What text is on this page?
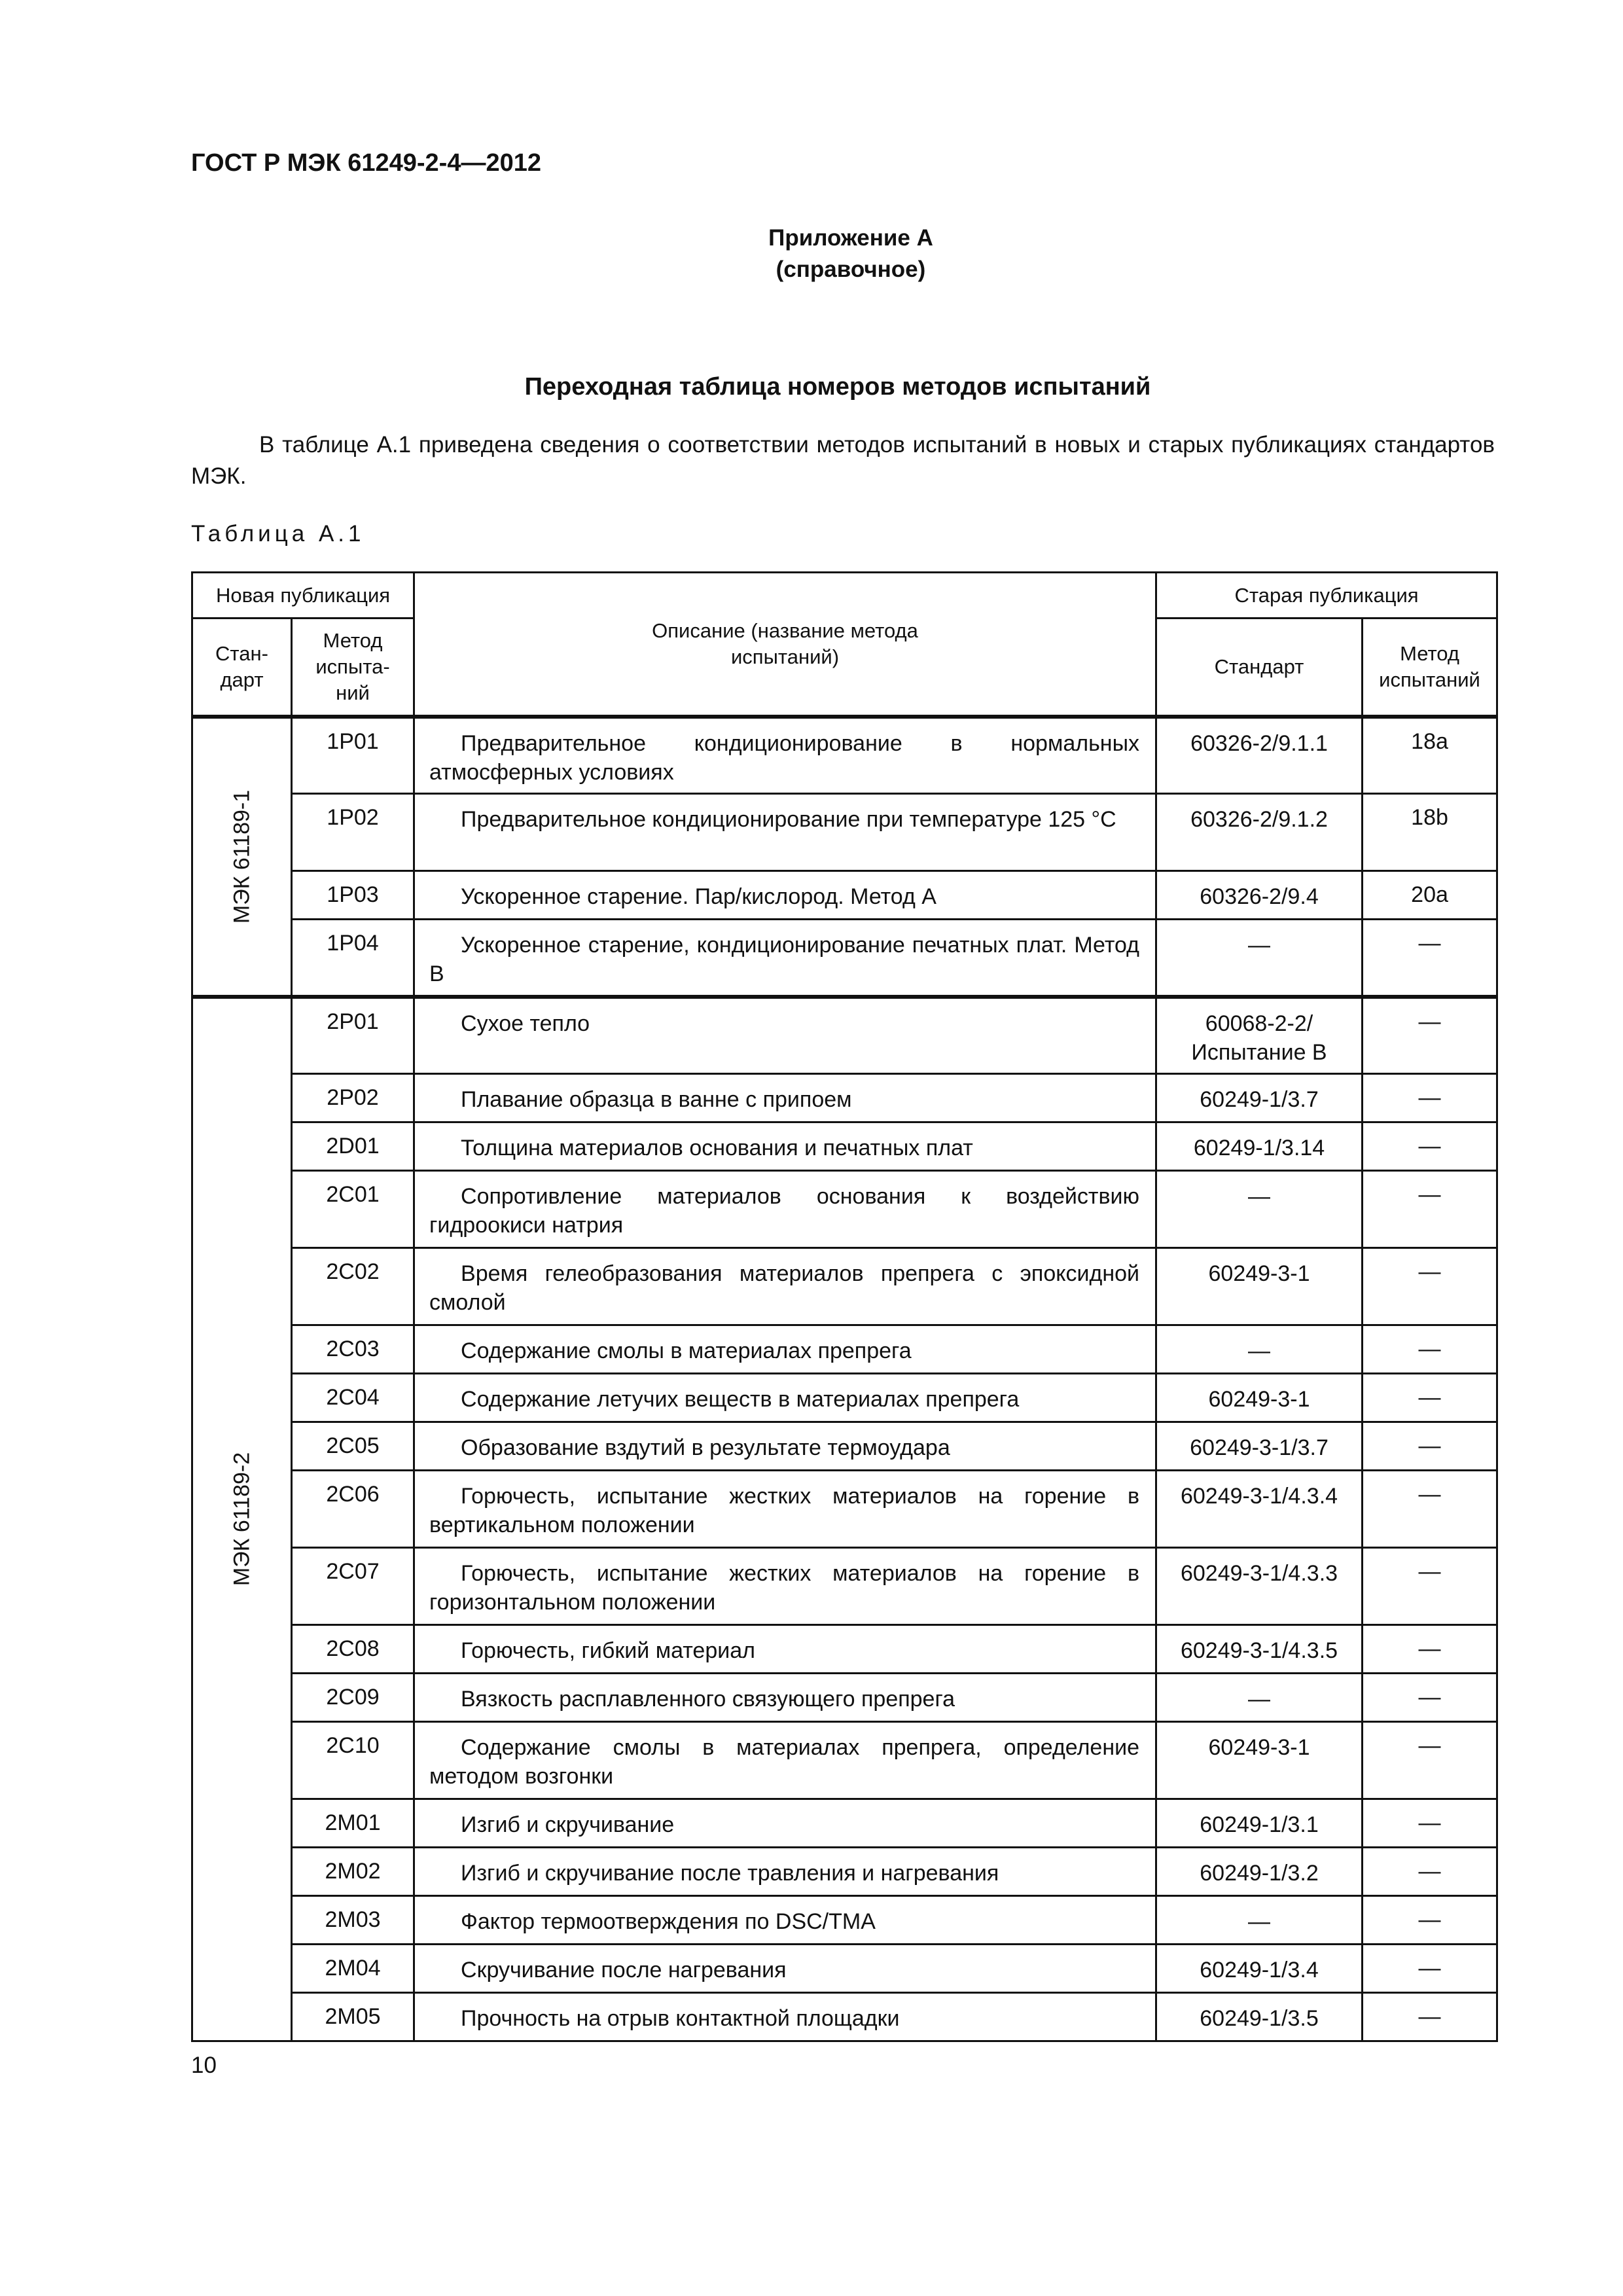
ГОСТ Р МЭК 61249-2-4—2012
Приложение А
(справочное)
Переходная таблица номеров методов испытаний

В таблице А.1 приведена сведения о соответствии методов испытаний в новых и старых публикациях стандартов МЭК.

Таблица А.1
Новая публикация		Описание (название метода испытаний)	Старая публикация	

Стан-дарт	Метод испыта-ний		Стандарт	Метод испытаний

МЭК 61189-1	1P01	Предварительное кондиционирование в нормальных атмосферных условиях	60326-2/9.1.1	18a
	1P02	Предварительное кондиционирование при температуре 125 °C	60326-2/9.1.2	18b
	1P03	Ускоренное старение. Пар/кислород. Метод А	60326-2/9.4	20a
	1P04	Ускоренное старение, кондиционирование печатных плат. Метод В	—	—

МЭК 61189-2	2P01	Сухое тепло	60068-2-2/ Испытание В	—
	2P02	Плавание образца в ванне с припоем	60249-1/3.7	—
	2D01	Толщина материалов основания и печатных плат	60249-1/3.14	—
	2C01	Сопротивление материалов основания к воздействию гидроокиси натрия	—	—
	2C02	Время гелеобразования материалов препрега с эпоксидной смолой	60249-3-1	—
	2C03	Содержание смолы в материалах препрега	—	—
	2C04	Содержание летучих веществ в материалах препрега	60249-3-1	—
	2C05	Образование вздутий в результате термоудара	60249-3-1/3.7	—
	2C06	Горючесть, испытание жестких материалов на горение в вертикальном положении	60249-3-1/4.3.4	—
	2C07	Горючесть, испытание жестких материалов на горение в горизонтальном положении	60249-3-1/4.3.3	—
	2C08	Горючесть, гибкий материал	60249-3-1/4.3.5	—
	2C09	Вязкость расплавленного связующего препрега	—	—
	2C10	Содержание смолы в материалах препрега, определение методом возгонки	60249-3-1	—
	2M01	Изгиб и скручивание	60249-1/3.1	—
	2M02	Изгиб и скручивание после травления и нагревания	60249-1/3.2	—
	2M03	Фактор термоотверждения по DSC/TMA	—	—
	2M04	Скручивание после нагревания	60249-1/3.4	—
	2M05	Прочность на отрыв контактной площадки	60249-1/3.5	—
10
